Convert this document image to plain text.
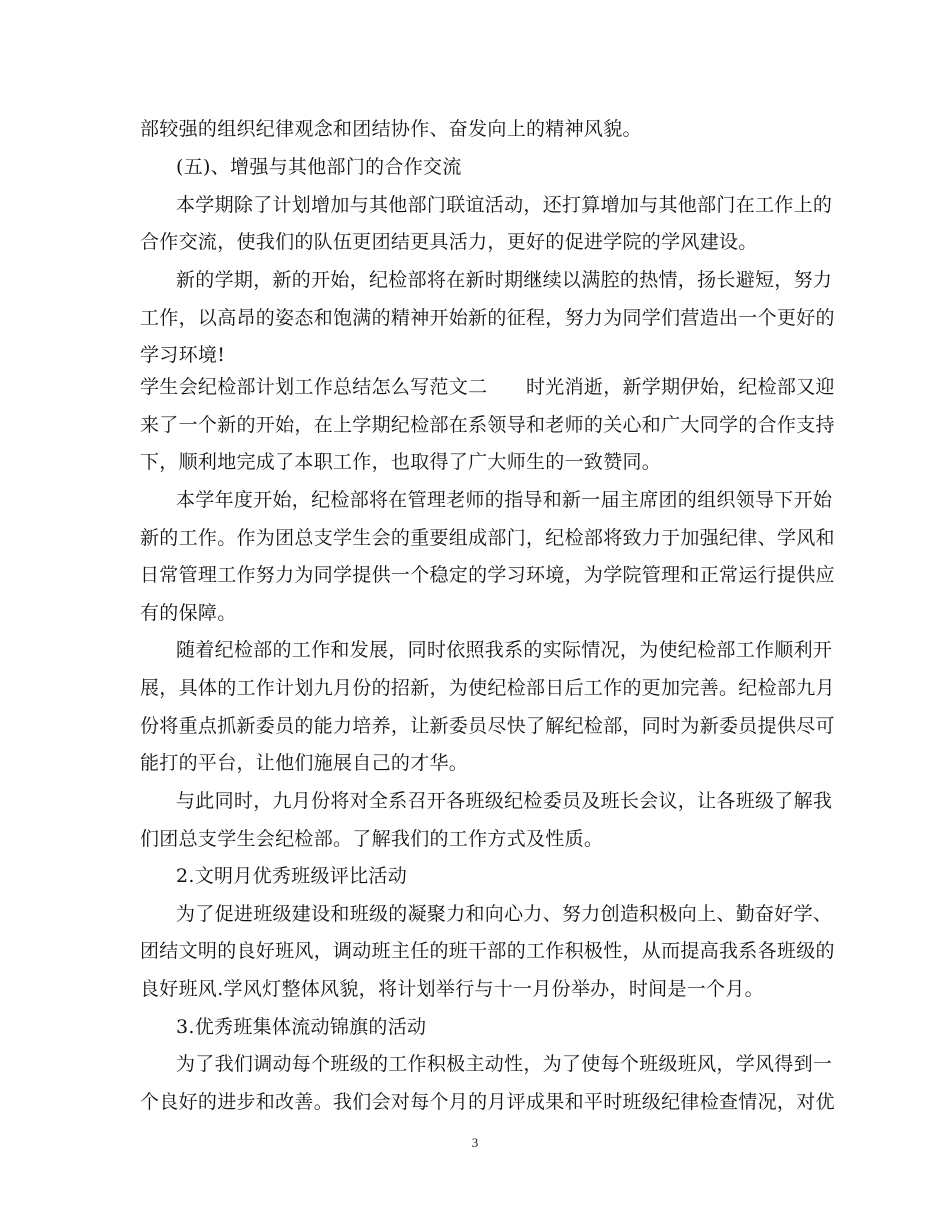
部较强的组织纪律观念和团结协作、奋发向上的精神风貌。
(五)、增强与其他部门的合作交流
本学期除了计划增加与其他部门联谊活动，还打算增加与其他部门在工作上的
合作交流，使我们的队伍更团结更具活力，更好的促进学院的学风建设。
新的学期，新的开始，纪检部将在新时期继续以满腔的热情，扬长避短，努力
工作，以高昂的姿态和饱满的精神开始新的征程，努力为同学们营造出一个更好的
学习环境!
学生会纪检部计划工作总结怎么写范文二　　时光消逝，新学期伊始，纪检部又迎
来了一个新的开始，在上学期纪检部在系领导和老师的关心和广大同学的合作支持
下，顺利地完成了本职工作，也取得了广大师生的一致赞同。
本学年度开始，纪检部将在管理老师的指导和新一届主席团的组织领导下开始
新的工作。作为团总支学生会的重要组成部门，纪检部将致力于加强纪律、学风和
日常管理工作努力为同学提供一个稳定的学习环境，为学院管理和正常运行提供应
有的保障。
随着纪检部的工作和发展，同时依照我系的实际情况，为使纪检部工作顺利开
展，具体的工作计划九月份的招新，为使纪检部日后工作的更加完善。纪检部九月
份将重点抓新委员的能力培养，让新委员尽快了解纪检部，同时为新委员提供尽可
能打的平台，让他们施展自己的才华。
与此同时，九月份将对全系召开各班级纪检委员及班长会议，让各班级了解我
们团总支学生会纪检部。了解我们的工作方式及性质。
2.文明月优秀班级评比活动
为了促进班级建设和班级的凝聚力和向心力、努力创造积极向上、勤奋好学、
团结文明的良好班风，调动班主任的班干部的工作积极性，从而提高我系各班级的
良好班风.学风灯整体风貌，将计划举行与十一月份举办，时间是一个月。
3.优秀班集体流动锦旗的活动
为了我们调动每个班级的工作积极主动性，为了使每个班级班风，学风得到一
个良好的进步和改善。我们会对每个月的月评成果和平时班级纪律检查情况，对优
3
